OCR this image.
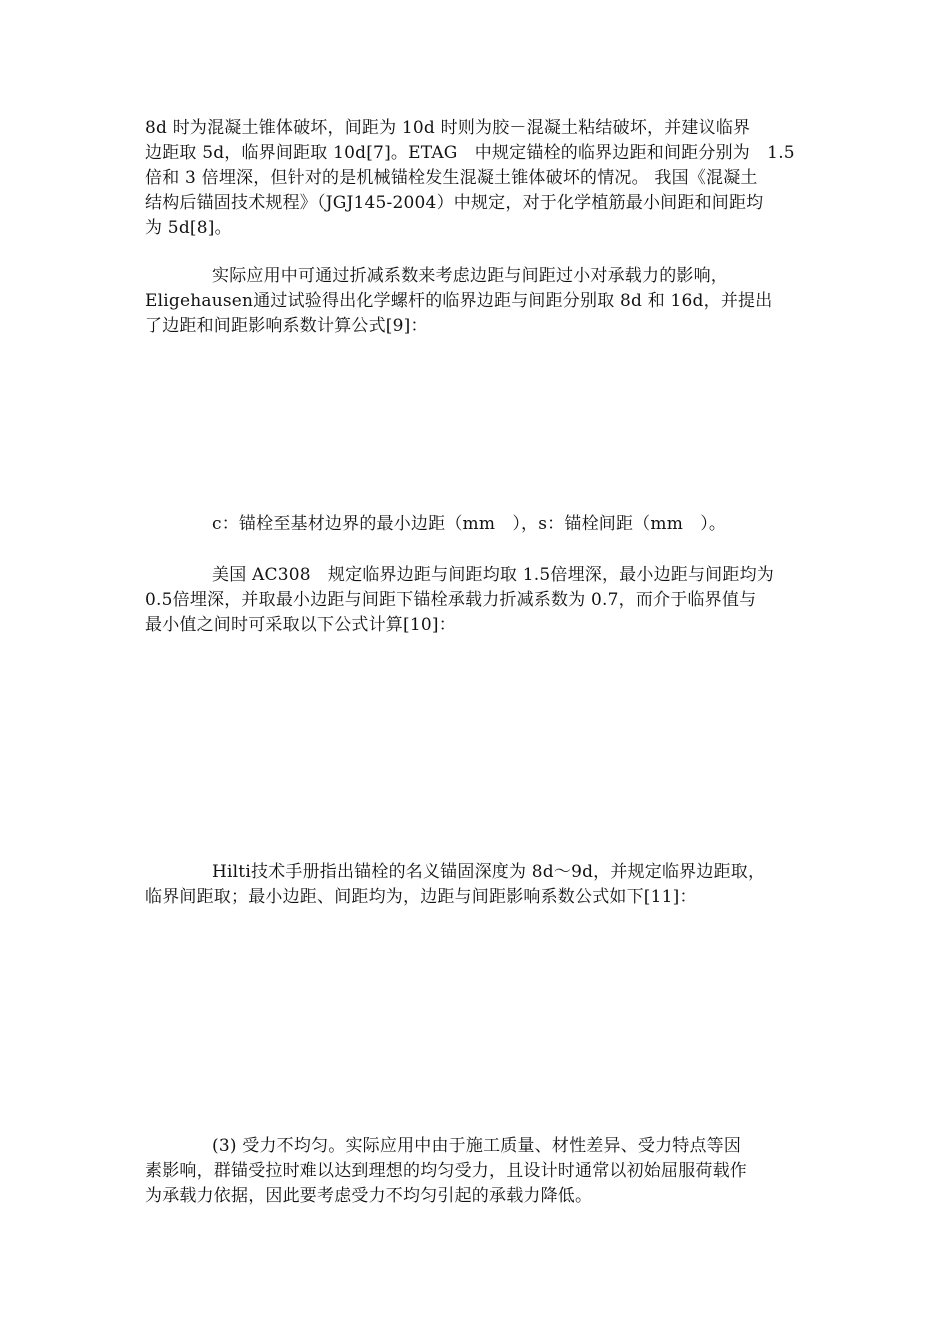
8d 时为混凝土锥体破坏，间距为 10d 时则为胶－混凝土粘结破坏，并建议临界
边距取 5d，临界间距取 10d[7]。ETAG　中规定锚栓的临界边距和间距分别为　1.5
倍和 3 倍埋深，但针对的是机械锚栓发生混凝土锥体破坏的情况。 我国《混凝土
结构后锚固技术规程》（JGJ145-2004）中规定，对于化学植筋最小间距和间距均
为 5d[8]。
实际应用中可通过折减系数来考虑边距与间距过小对承载力的影响，
Eligehausen通过试验得出化学螺杆的临界边距与间距分别取 8d 和 16d，并提出
了边距和间距影响系数计算公式[9]：
c：锚栓至基材边界的最小边距（mm　），s：锚栓间距（mm　）。
美国 AC308　规定临界边距与间距均取 1.5倍埋深，最小边距与间距均为
0.5倍埋深，并取最小边距与间距下锚栓承载力折减系数为 0.7，而介于临界值与
最小值之间时可采取以下公式计算[10]：
Hilti技术手册指出锚栓的名义锚固深度为 8d～9d，并规定临界边距取，
临界间距取；最小边距、间距均为，边距与间距影响系数公式如下[11]：
(3) 受力不均匀。实际应用中由于施工质量、材性差异、受力特点等因
素影响，群锚受拉时难以达到理想的均匀受力，且设计时通常以初始屈服荷载作
为承载力依据，因此要考虑受力不均匀引起的承载力降低。
